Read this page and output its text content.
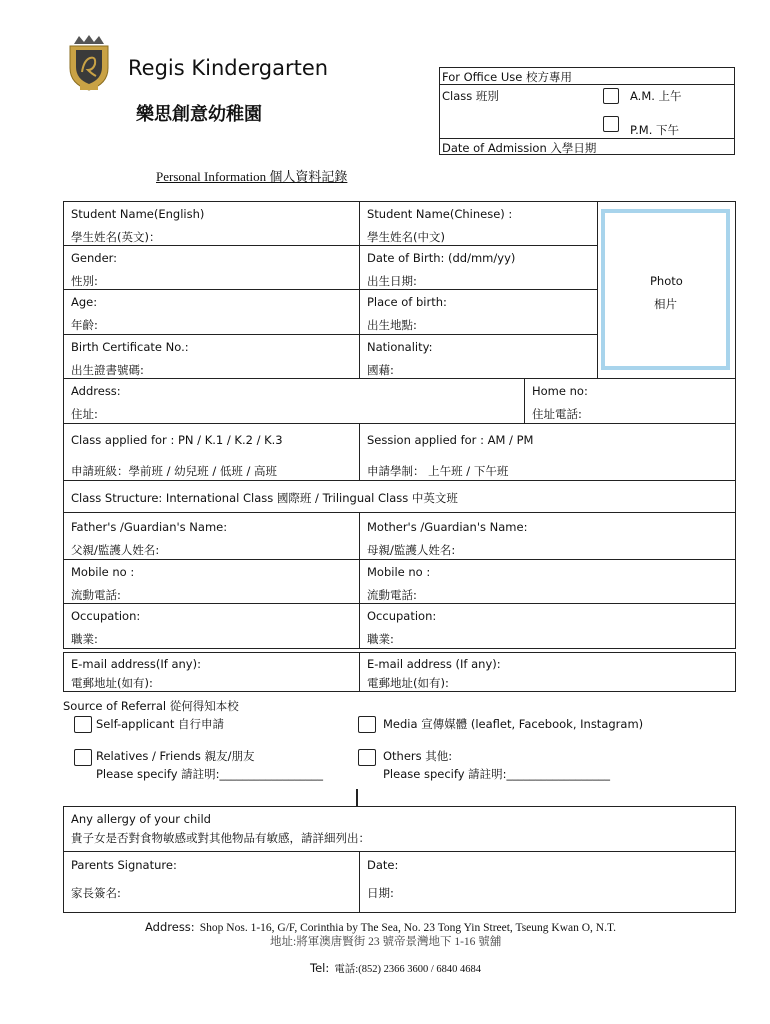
Regis Kindergarten
樂思創意幼稚園
For Office Use 校方專用
Class 班別	A.M. 上午
P.M. 下午
Date of Admission 入學日期
Personal Information 個人資料記錄
Student Name(English)
學生姓名(英文)：
Student Name(Chinese) :
學生姓名(中文)
Gender:
性別:
Date of Birth: (dd/mm/yy)
出生日期:
Age:
年齡:
Place of birth:
出生地點:
Birth Certificate No.:
出生證書號碼:
Nationality:
國藉:
Photo
相片
Address:
住址:
Home no:
住址電話:
Class applied for : PN / K.1 / K.2 / K.3
申請班級：學前班 / 幼兒班 / 低班 / 高班
Session applied for : AM / PM
申請學制： 上午班 / 下午班
Class Structure: International Class 國際班 / Trilingual Class 中英文班
Father's /Guardian's Name:
父親/監護人姓名:
Mother's /Guardian's Name:
母親/監護人姓名:
Mobile no :
流動電話:
Mobile no :
流動電話:
Occupation:
職業:
Occupation:
職業:
E-mail address(If any):
電郵地址(如有):
E-mail address (If any):
電郵地址(如有):
Source of Referral 從何得知本校
Self-applicant 自行申請	Media 宣傳媒體 (leaflet, Facebook, Instagram)
Relatives / Friends 親友/朋友
Please specify 請註明:__________________
Others 其他:
Please specify 請註明:__________________
Any allergy of your child
貴子女是否對食物敏感或對其他物品有敏感，請詳細列出：
Parents Signature:
家長簽名:
Date:
日期:
Address: Shop Nos. 1-16, G/F, Corinthia by The Sea, No. 23 Tong Yin Street, Tseung Kwan O, N.T.
地址:將軍澳唐賢街 23 號帝景灣地下 1-16 號舖
Tel: 電話:(852) 2366 3600 / 6840 4684
